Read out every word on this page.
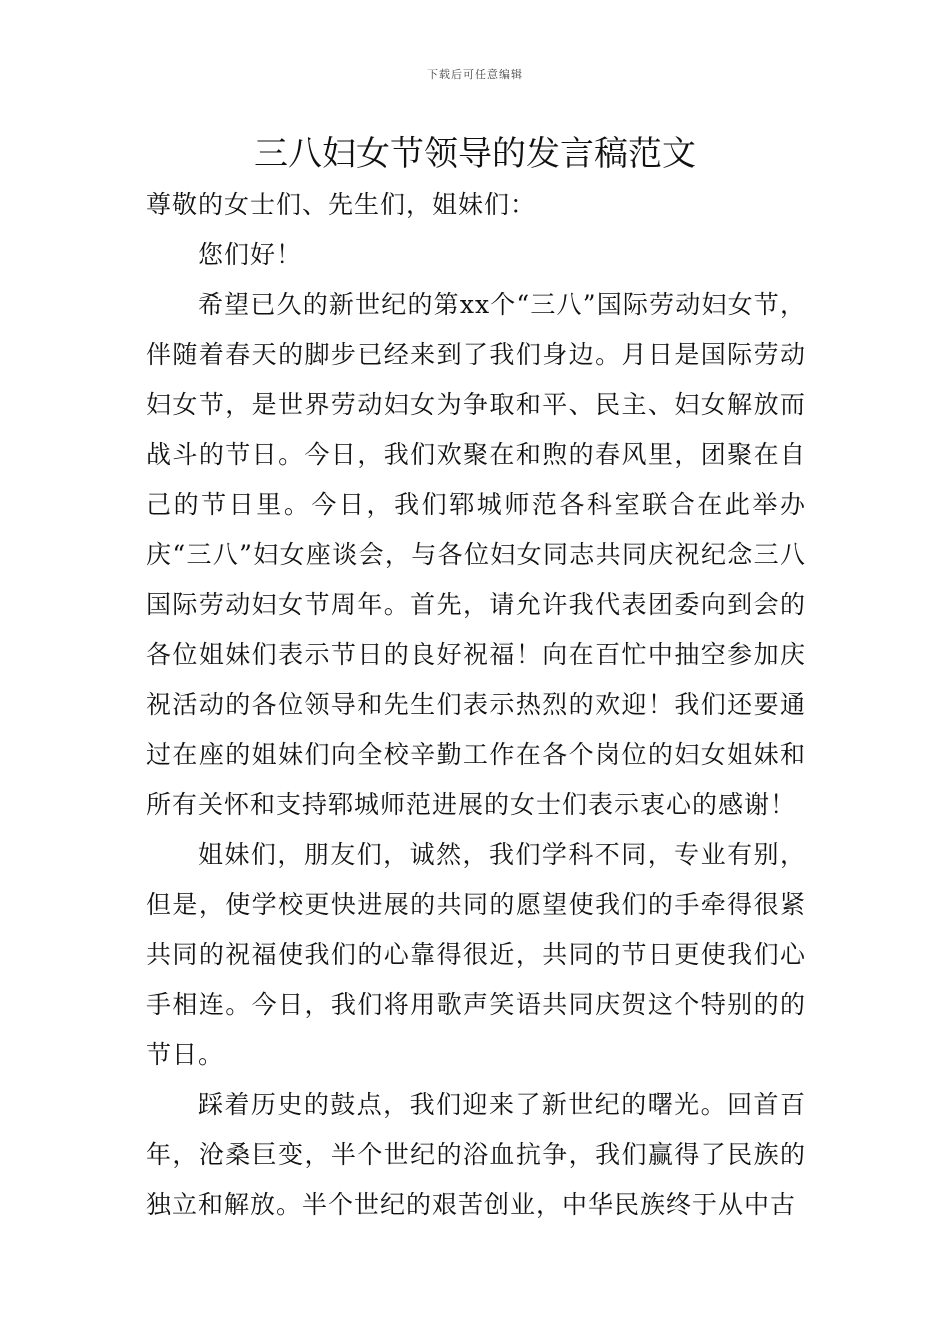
下载后可任意编辑
三八妇女节领导的发言稿范文

尊敬的女士们、先生们，姐妹们：

您们好！

希望已久的新世纪的第xx个“三八”国际劳动妇女节，伴随着春天的脚步已经来到了我们身边。月日是国际劳动妇女节，是世界劳动妇女为争取和平、民主、妇女解放而战斗的节日。今日，我们欢聚在和煦的春风里，团聚在自己的节日里。今日，我们郓城师范各科室联合在此举办庆“三八”妇女座谈会，与各位妇女同志共同庆祝纪念三八国际劳动妇女节周年。首先，请允许我代表团委向到会的各位姐妹们表示节日的良好祝福！向在百忙中抽空参加庆祝活动的各位领导和先生们表示热烈的欢迎！我们还要通过在座的姐妹们向全校辛勤工作在各个岗位的妇女姐妹和所有关怀和支持郓城师范进展的女士们表示衷心的感谢！

姐妹们，朋友们，诚然，我们学科不同，专业有别，但是，使学校更快进展的共同的愿望使我们的手牵得很紧共同的祝福使我们的心靠得很近，共同的节日更使我们心手相连。今日，我们将用歌声笑语共同庆贺这个特别的的节日。

踩着历史的鼓点，我们迎来了新世纪的曙光。回首百年，沧桑巨变，半个世纪的浴血抗争，我们赢得了民族的独立和解放。半个世纪的艰苦创业，中华民族终于从中古
